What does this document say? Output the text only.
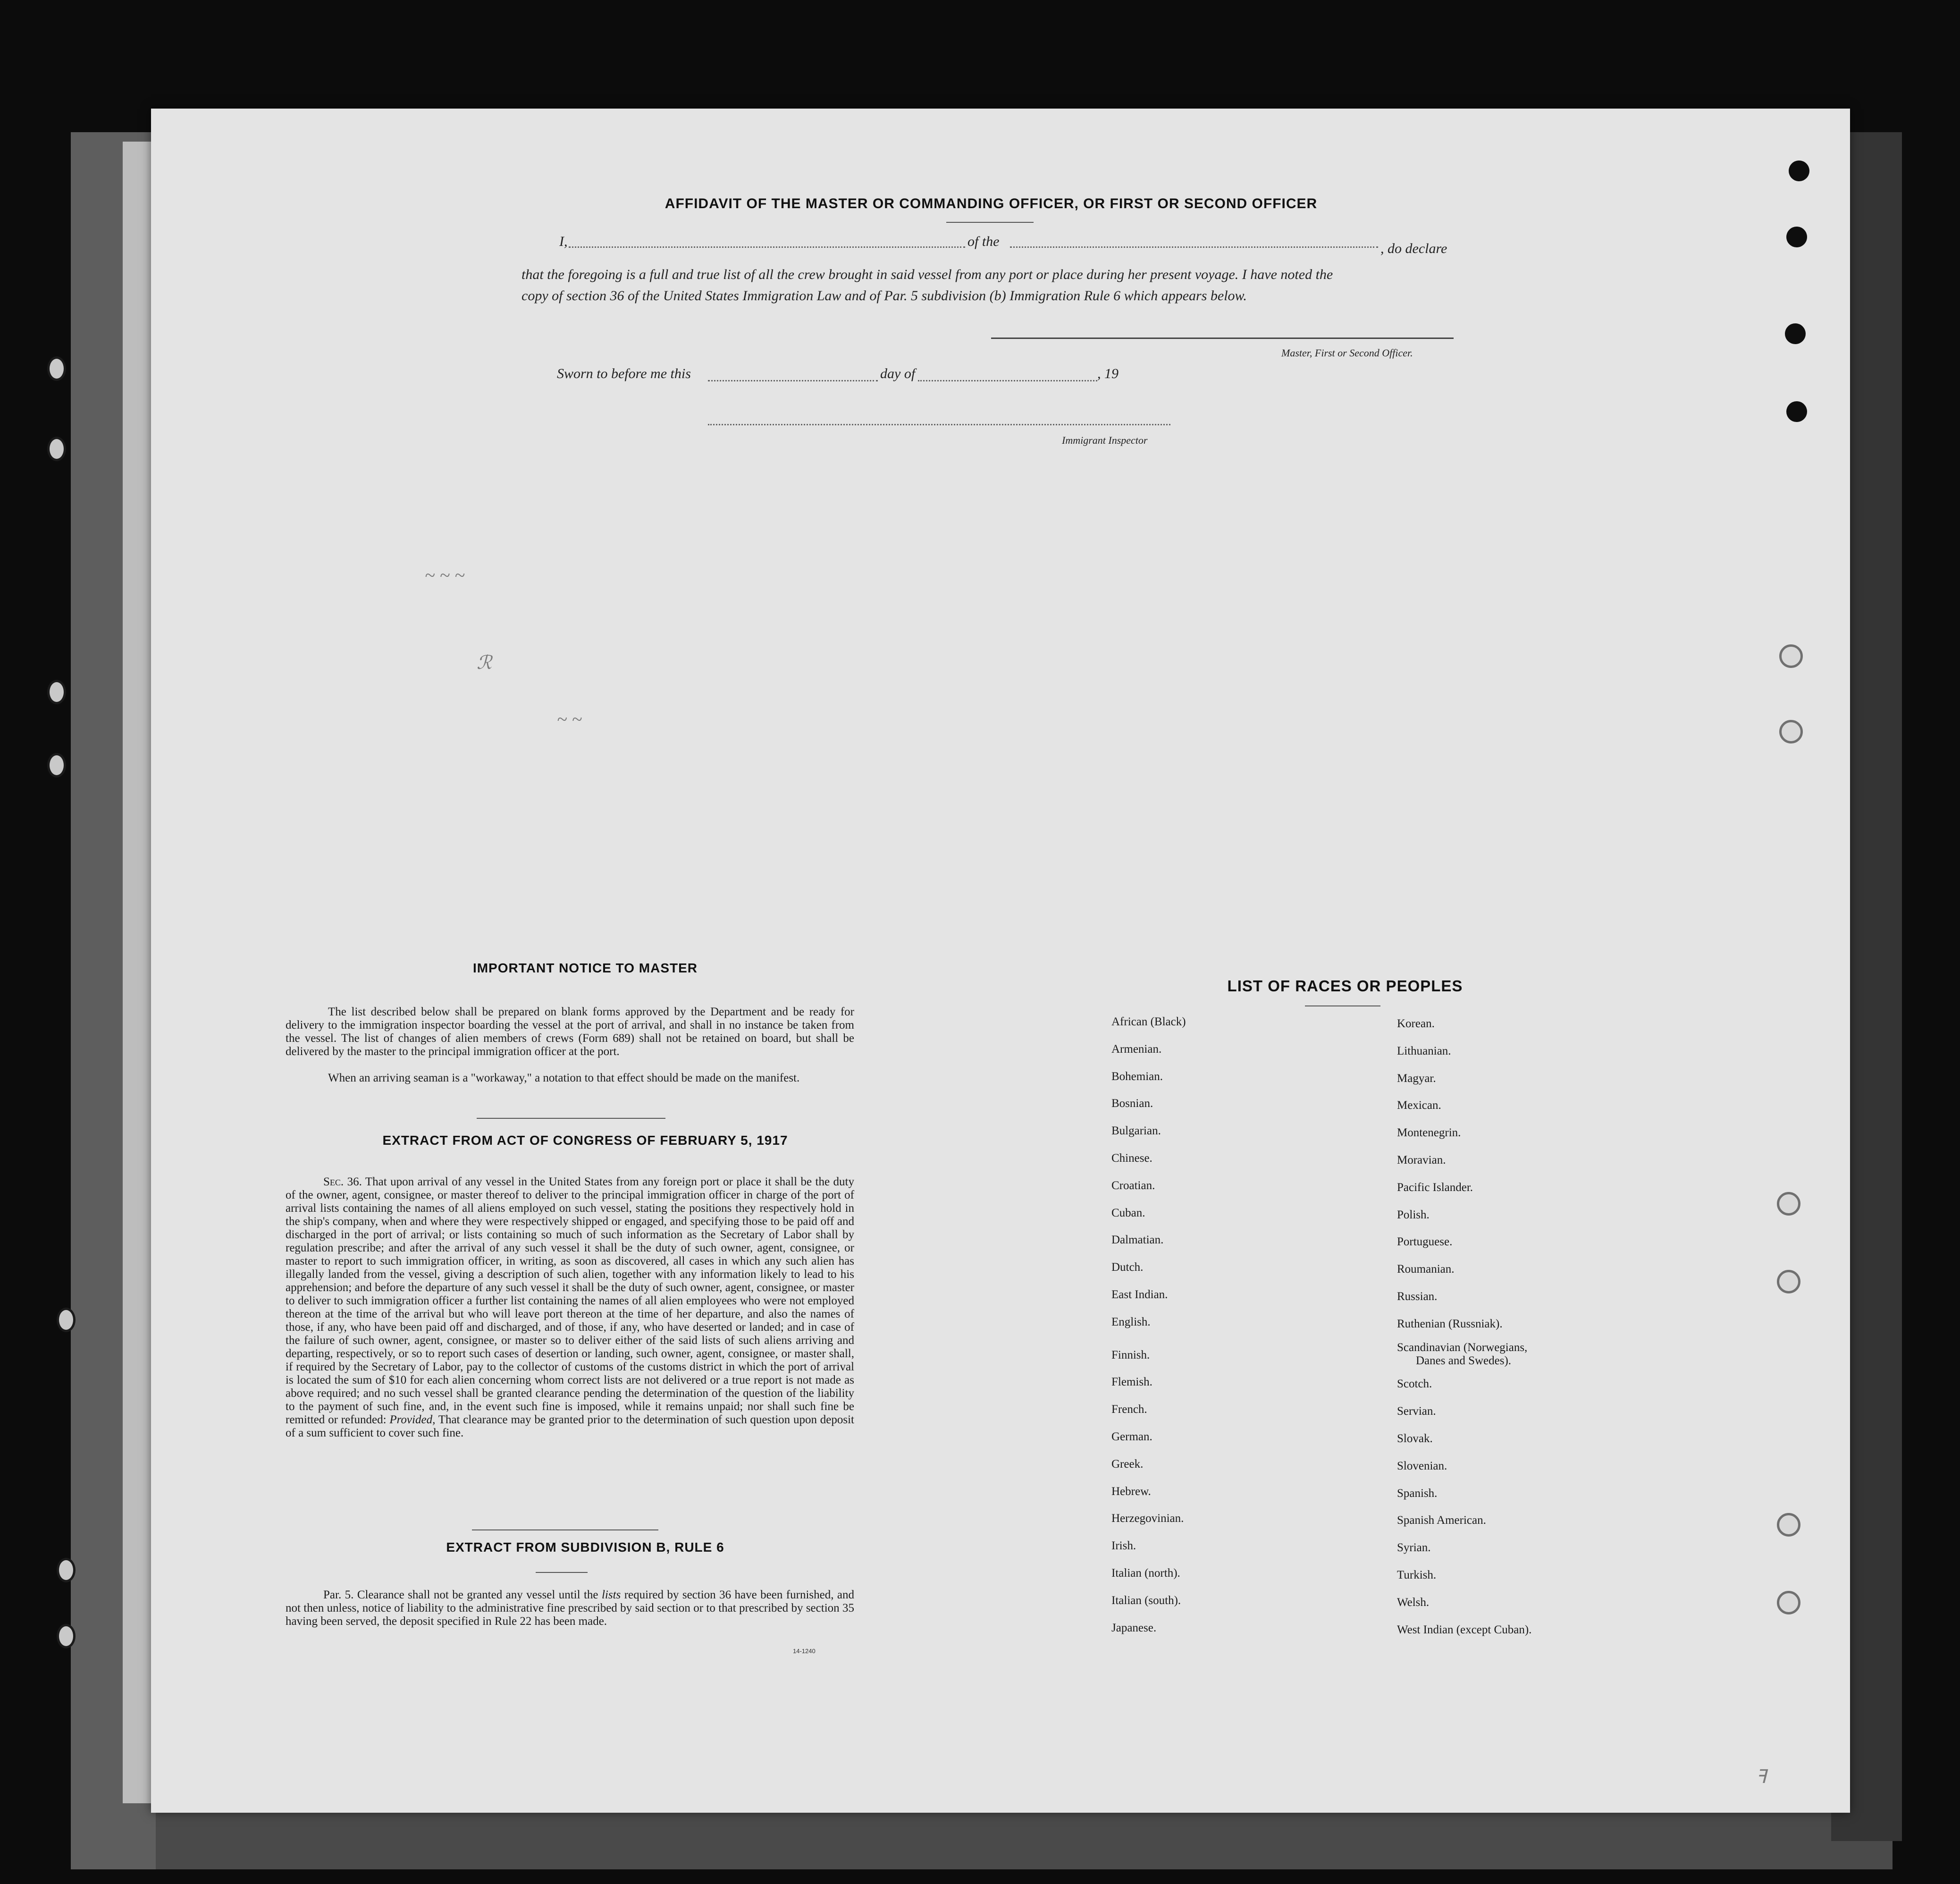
~ ~ ~
ℛ
~ ~
ꟻ
AFFIDAVIT OF THE MASTER OR COMMANDING OFFICER, OR FIRST OR SECOND OFFICER
I,	of the	, do declare
that the foregoing is a full and true list of all the crew brought in said vessel from any port or place during her present voyage. I have noted the
copy of section 36 of the United States Immigration Law and of Par. 5 subdivision (b) Immigration Rule 6 which appears below.
Master, First or Second Officer.
Sworn to before me this	day of	, 19
Immigrant Inspector
IMPORTANT NOTICE TO MASTER
The list described below shall be prepared on blank forms approved by the Department and be ready for delivery to the immigration inspector boarding the vessel at the port of arrival, and shall in no instance be taken from the vessel. The list of changes of alien members of crews (Form 689) shall not be retained on board, but shall be delivered by the master to the principal immigration officer at the port.
When an arriving seaman is a "workaway," a notation to that effect should be made on the manifest.
EXTRACT FROM ACT OF CONGRESS OF FEBRUARY 5, 1917
Sec. 36. That upon arrival of any vessel in the United States from any foreign port or place it shall be the duty of the owner, agent, consignee, or master thereof to deliver to the principal immigration officer in charge of the port of arrival lists containing the names of all aliens employed on such vessel, stating the positions they respectively hold in the ship's company, when and where they were respectively shipped or engaged, and specifying those to be paid off and discharged in the port of arrival; or lists containing so much of such information as the Secretary of Labor shall by regulation prescribe; and after the arrival of any such vessel it shall be the duty of such owner, agent, consignee, or master to report to such immigration officer, in writing, as soon as discovered, all cases in which any such alien has illegally landed from the vessel, giving a description of such alien, together with any information likely to lead to his apprehension; and before the departure of any such vessel it shall be the duty of such owner, agent, consignee, or master to deliver to such immigration officer a further list containing the names of all alien employees who were not employed thereon at the time of the arrival but who will leave port thereon at the time of her departure, and also the names of those, if any, who have been paid off and discharged, and of those, if any, who have deserted or landed; and in case of the failure of such owner, agent, consignee, or master so to deliver either of the said lists of such aliens arriving and departing, respectively, or so to report such cases of desertion or landing, such owner, agent, consignee, or master shall, if required by the Secretary of Labor, pay to the collector of customs of the customs district in which the port of arrival is located the sum of $10 for each alien concerning whom correct lists are not delivered or a true report is not made as above required; and no such vessel shall be granted clearance pending the determination of the question of the liability to the payment of such fine, and, in the event such fine is imposed, while it remains unpaid; nor shall such fine be remitted or refunded: Provided, That clearance may be granted prior to the determination of such question upon deposit of a sum sufficient to cover such fine.
EXTRACT FROM SUBDIVISION B, RULE 6
Par. 5. Clearance shall not be granted any vessel until the lists required by section 36 have been furnished, and not then unless, notice of liability to the administrative fine prescribed by said section or to that prescribed by section 35 having been served, the deposit specified in Rule 22 has been made.
14-1240
LIST OF RACES OR PEOPLES
African (Black)
Armenian.
Bohemian.
Bosnian.
Bulgarian.
Chinese.
Croatian.
Cuban.
Dalmatian.
Dutch.
East Indian.
English.
Finnish.
Flemish.
French.
German.
Greek.
Hebrew.
Herzegovinian.
Irish.
Italian (north).
Italian (south).
Japanese.
Korean.
Lithuanian.
Magyar.
Mexican.
Montenegrin.
Moravian.
Pacific Islander.
Polish.
Portuguese.
Roumanian.
Russian.
Ruthenian (Russniak).
Scandinavian (Norwegians,
Danes and Swedes).
Scotch.
Servian.
Slovak.
Slovenian.
Spanish.
Spanish American.
Syrian.
Turkish.
Welsh.
West Indian (except Cuban).
